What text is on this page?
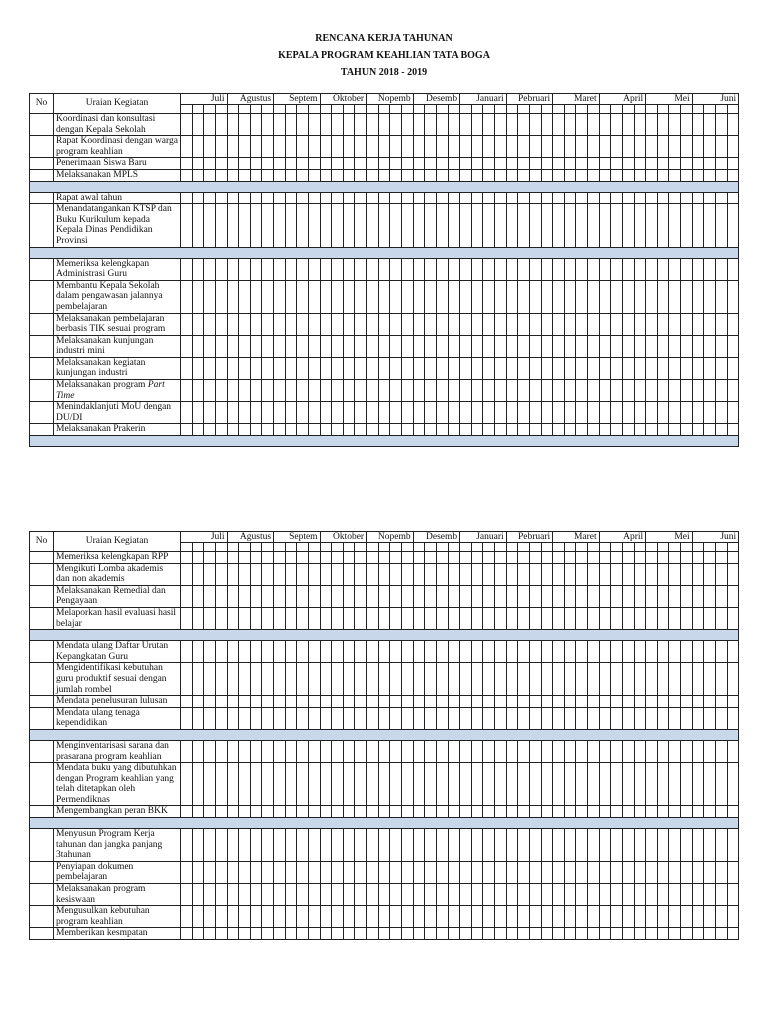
RENCANA KERJA TAHUNAN
KEPALA PROGRAM KEAHLIAN TATA BOGA
TAHUN 2018 - 2019
No	Uraian Kegiatan	Juli				Agustus				Septem				Oktober				Nopemb				Desemb				Januari				Pebruari				Maret				April				Mei				Juni			

	Koordinasi dan konsultasi dengan Kepala Sekolah																																																
	Rapat Koordinasi dengan warga program keahlian																																																
	Penerimaan Siswa Baru																																																
	Melaksanakan MPLS																																																

	Rapat awal tahun																																																
	Menandatangankan KTSP dan Buku Kurikulum kepada Kepala Dinas Pendidikan Provinsi																																																

	Memeriksa kelengkapan Administrasi Guru																																																
	Membantu Kepala Sekolah dalam pengawasan jalannya pembelajaran																																																
	Melaksanakan pembelajaran berbasis TIK sesuai program																																																
	Melaksanakan kunjungan industri mini																																																
	Melaksanakan kegiatan kunjungan industri																																																
	Melaksanakan program Part Time																																																
	Menindaklanjuti MoU dengan DU/DI																																																
	Melaksanakan Prakerin																																																

No	Uraian Kegiatan	Juli				Agustus				Septem				Oktober				Nopemb				Desemb				Januari				Pebruari				Maret				April				Mei				Juni			

	Memeriksa kelengkapan RPP																																																
	Mengikuti Lomba akademis dan non akademis																																																
	Melaksanakan Remedial dan Pengayaan																																																
	Melaporkan hasil evaluasi hasil belajar																																																

	Mendata ulang Daftar Urutan Kepangkatan Guru																																																
	Mengidentifikasi kebutuhan guru produktif sesuai dengan jumlah rombel																																																
	Mendata penelusuran lulusan																																																
	Mendata ulang tenaga kependidikan																																																

	Menginventarisasi sarana dan prasarana program keahlian																																																
	Mendata buku yang dibutuhkan dengan Program keahlian yang telah ditetapkan oleh Permendiknas																																																
	Mengembangkan peran BKK																																																

	Menyusun Program Kerja tahunan dan jangka panjang 3tahunan																																																
	Penyiapan dokumen pembelajaran																																																
	Melaksanakan program kesiswaan																																																
	Mengusulkan kebutuhan program keahlian																																																
	Memberikan kesmpatan																																																
